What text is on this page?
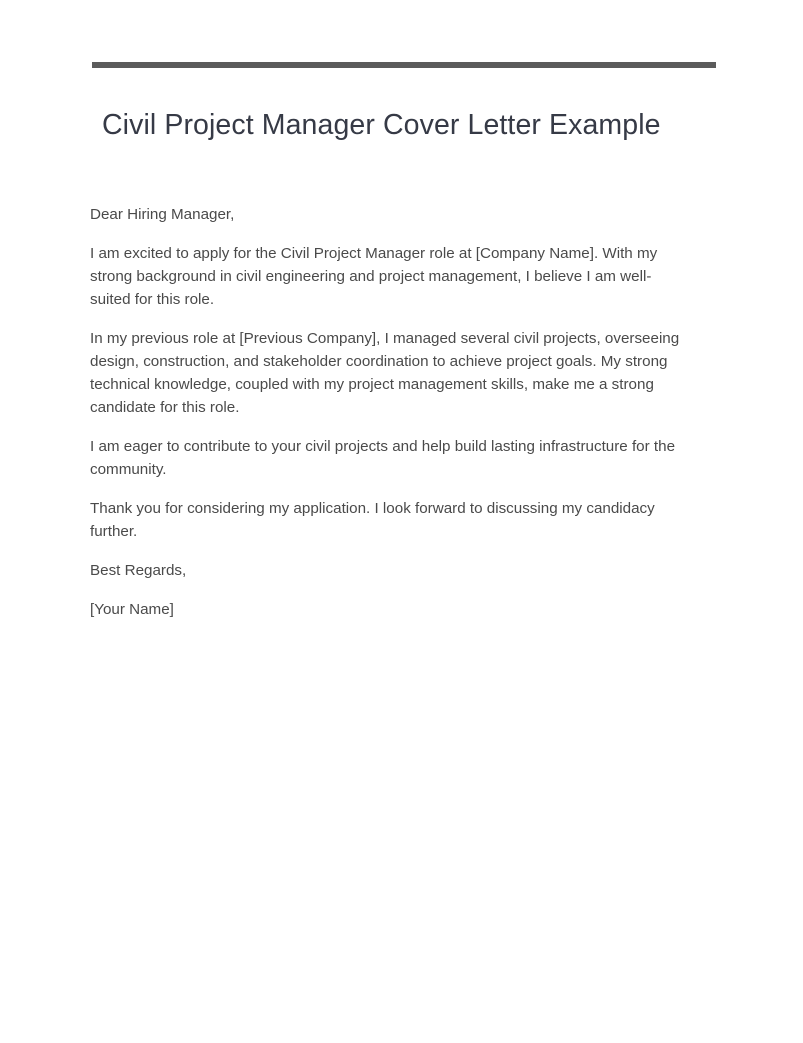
Civil Project Manager Cover Letter Example

Dear Hiring Manager,

I am excited to apply for the Civil Project Manager role at [Company Name]. With my strong background in civil engineering and project management, I believe I am well-suited for this role.

In my previous role at [Previous Company], I managed several civil projects, overseeing design, construction, and stakeholder coordination to achieve project goals. My strong technical knowledge, coupled with my project management skills, make me a strong candidate for this role.

I am eager to contribute to your civil projects and help build lasting infrastructure for the community.

Thank you for considering my application. I look forward to discussing my candidacy further.

Best Regards,

[Your Name]
